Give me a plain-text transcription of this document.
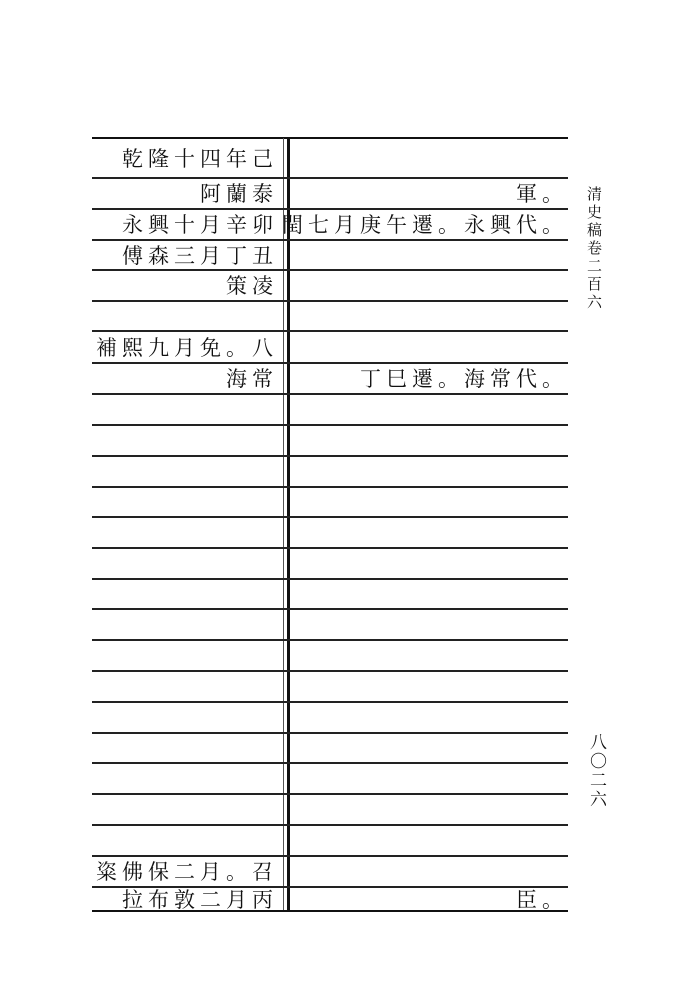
乾隆十四年己
阿蘭泰	軍。
永興十月辛卯 閏七月庚午遷。永興代。
傅森三月丁丑
策凌
補熙九月免。八
海常	丁巳遷。海常代。
粢佛保二月。召
拉布敦二月丙	臣。
清史稿卷二百六
八〇二六
